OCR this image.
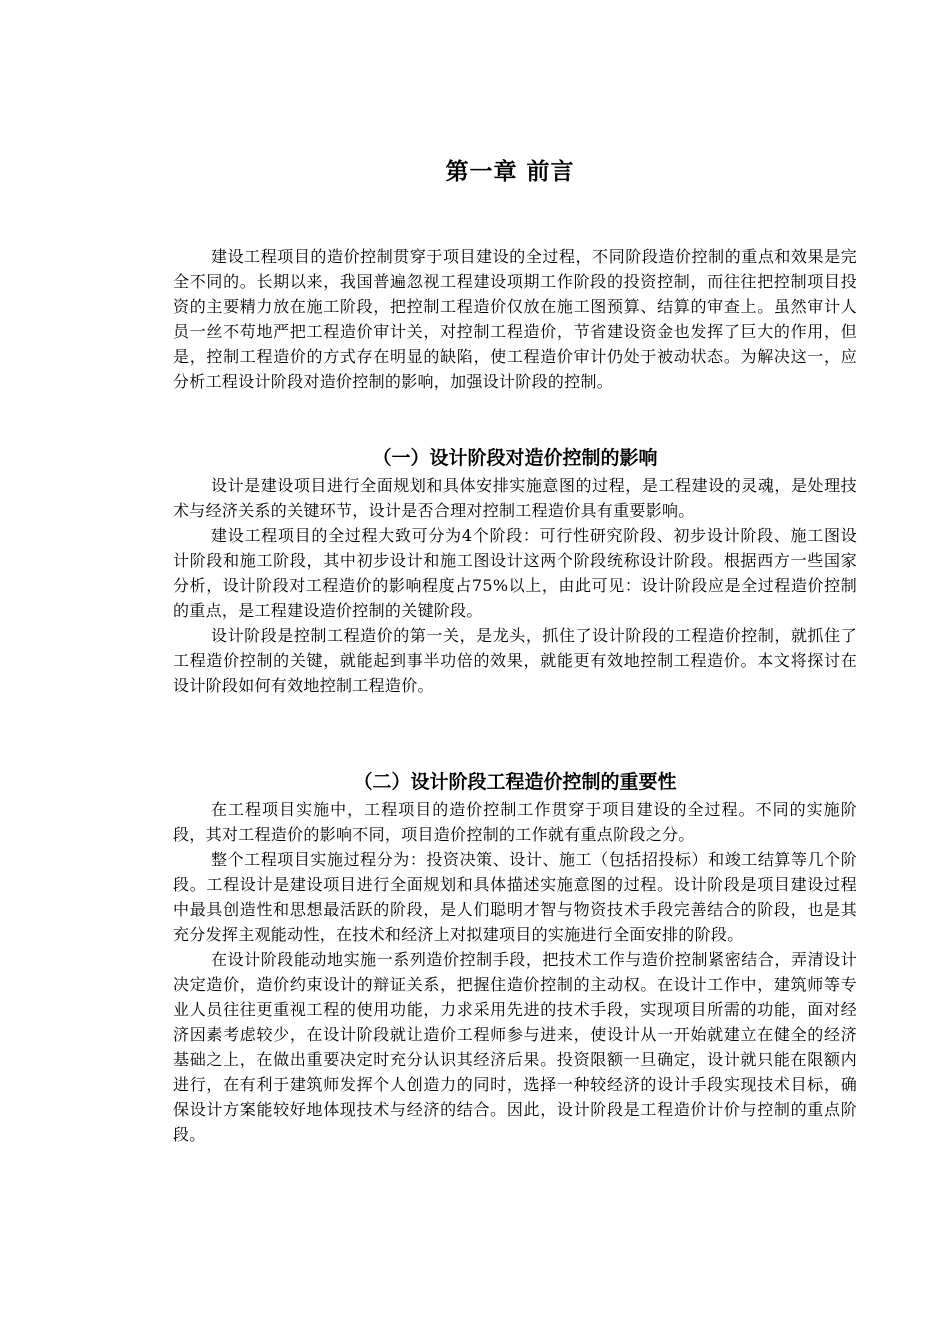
第一章 前言

建设工程项目的造价控制贯穿于项目建设的全过程，不同阶段造价控制的重点和效果是完全不同的。长期以来，我国普遍忽视工程建设项期工作阶段的投资控制，而往往把控制项目投资的主要精力放在施工阶段，把控制工程造价仅放在施工图预算、结算的审查上。虽然审计人员一丝不苟地严把工程造价审计关，对控制工程造价，节省建设资金也发挥了巨大的作用，但是，控制工程造价的方式存在明显的缺陷，使工程造价审计仍处于被动状态。为解决这一，应分析工程设计阶段对造价控制的影响，加强设计阶段的控制。

（一）设计阶段对造价控制的影响

设计是建设项目进行全面规划和具体安排实施意图的过程，是工程建设的灵魂，是处理技术与经济关系的关键环节，设计是否合理对控制工程造价具有重要影响。

建设工程项目的全过程大致可分为4个阶段：可行性研究阶段、初步设计阶段、施工图设计阶段和施工阶段，其中初步设计和施工图设计这两个阶段统称设计阶段。根据西方一些国家分析，设计阶段对工程造价的影响程度占75%以上，由此可见：设计阶段应是全过程造价控制的重点，是工程建设造价控制的关键阶段。

设计阶段是控制工程造价的第一关，是龙头，抓住了设计阶段的工程造价控制，就抓住了工程造价控制的关键，就能起到事半功倍的效果，就能更有效地控制工程造价。本文将探讨在设计阶段如何有效地控制工程造价。

（二）设计阶段工程造价控制的重要性

在工程项目实施中，工程项目的造价控制工作贯穿于项目建设的全过程。不同的实施阶段，其对工程造价的影响不同，项目造价控制的工作就有重点阶段之分。

整个工程项目实施过程分为：投资决策、设计、施工（包括招投标）和竣工结算等几个阶段。工程设计是建设项目进行全面规划和具体描述实施意图的过程。设计阶段是项目建设过程中最具创造性和思想最活跃的阶段，是人们聪明才智与物资技术手段完善结合的阶段，也是其充分发挥主观能动性，在技术和经济上对拟建项目的实施进行全面安排的阶段。

在设计阶段能动地实施一系列造价控制手段，把技术工作与造价控制紧密结合，弄清设计决定造价，造价约束设计的辩证关系，把握住造价控制的主动权。在设计工作中，建筑师等专业人员往往更重视工程的使用功能，力求采用先进的技术手段，实现项目所需的功能，面对经济因素考虑较少，在设计阶段就让造价工程师参与进来，使设计从一开始就建立在健全的经济基础之上，在做出重要决定时充分认识其经济后果。投资限额一旦确定，设计就只能在限额内进行，在有利于建筑师发挥个人创造力的同时，选择一种较经济的设计手段实现技术目标，确保设计方案能较好地体现技术与经济的结合。因此，设计阶段是工程造价计价与控制的重点阶段。
